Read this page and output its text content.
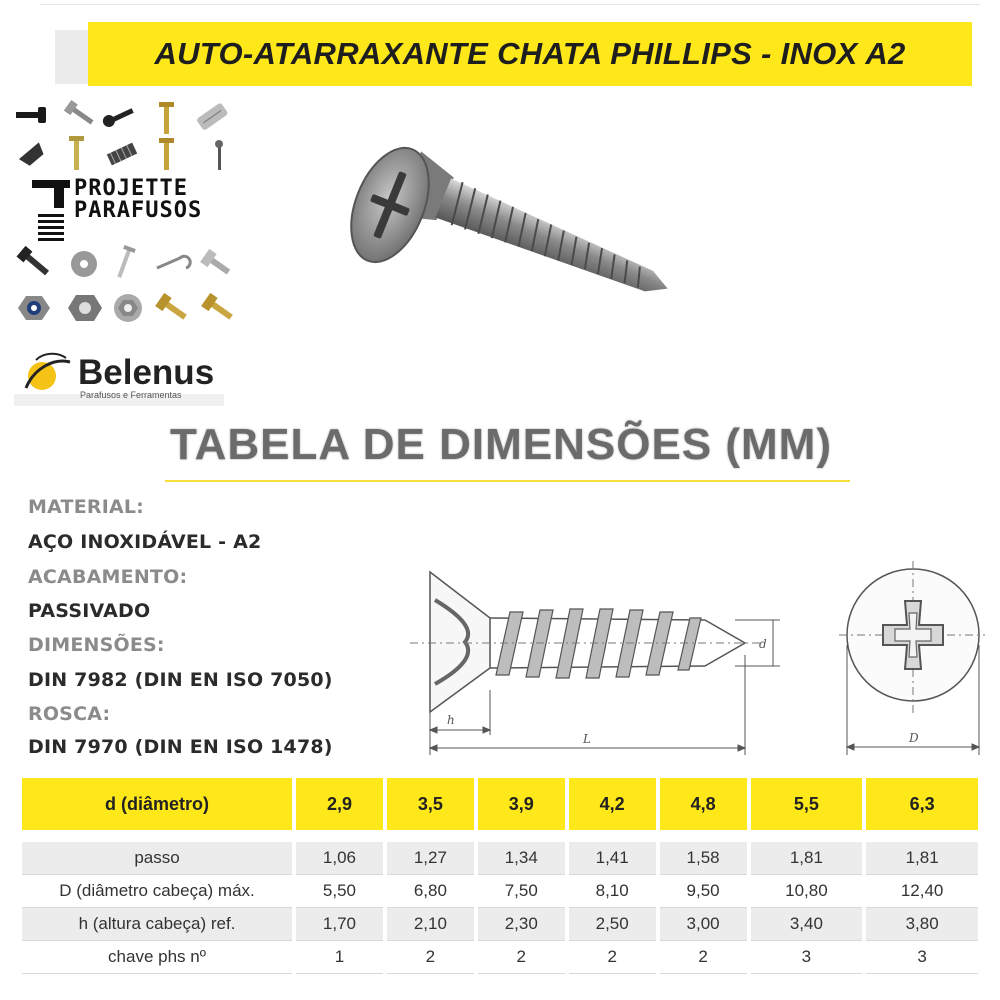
AUTO-ATARRAXANTE CHATA PHILLIPS - INOX A2
PROJETTE
PARAFUSOS
Belenus
Parafusos e Ferramentas
TABELA DE DIMENSÕES (MM)
MATERIAL:
AÇO INOXIDÁVEL - A2
ACABAMENTO:
PASSIVADO
DIMENSÕES:
DIN 7982 (DIN EN ISO 7050)
ROSCA:
DIN 7970 (DIN EN ISO 1478)
d
h
L	D
d (diâmetro)	2,9	3,5	3,9	4,2	4,8	5,5	6,3

passo	1,06	1,27	1,34	1,41	1,58	1,81	1,81
D (diâmetro cabeça) máx.	5,50	6,80	7,50	8,10	9,50	10,80	12,40
h (altura cabeça) ref.	1,70	2,10	2,30	2,50	3,00	3,40	3,80
chave phs nº	1	2	2	2	2	3	3
